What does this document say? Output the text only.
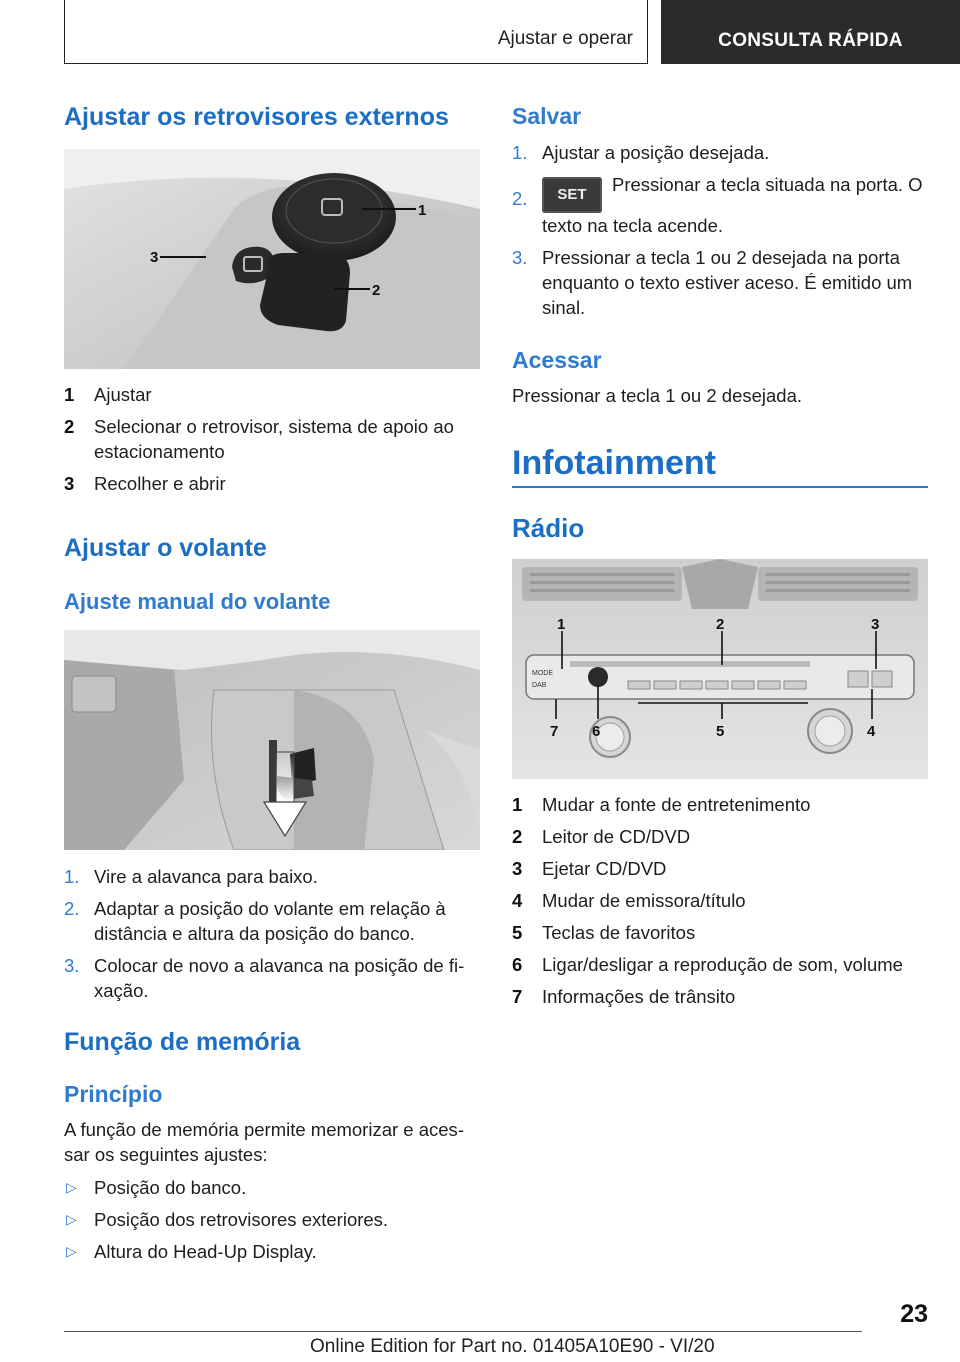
Ajustar e operar	CONSULTA RÁPIDA
Ajustar os retrovisores externos
1
2
3
1 Ajustar
2 Selecionar o retrovisor, sistema de apoio ao estacionamento
3 Recolher e abrir
Ajustar o volante
Ajuste manual do volante
1. Vire a alavanca para baixo.
2. Adaptar a posição do volante em relação à distância e altura da posição do banco.
3. Colocar de novo a alavanca na posição de fixação.
Função de memória
Princípio

A função de memória permite memorizar e acessar os seguintes ajustes:

▷ Posição do banco.
▷ Posição dos retrovisores exteriores.
▷ Altura do Head-Up Display.
Salvar
1. Ajustar a posição desejada.
2. SET Pressionar a tecla situada na porta. O texto na tecla acende.
3. Pressionar a tecla 1 ou 2 desejada na porta enquanto o texto estiver aceso. É emitido um sinal.
Acessar

Pressionar a tecla 1 ou 2 desejada.

Infotainment
Rádio
MODE
DAB
1	2	3
4
5
6
7
1 Mudar a fonte de entretenimento
2 Leitor de CD/DVD
3 Ejetar CD/DVD
4 Mudar de emissora/título
5 Teclas de favoritos
6 Ligar/desligar a reprodução de som, volume
7 Informações de trânsito
23
Online Edition for Part no. 01405A10E90 - VI/20
